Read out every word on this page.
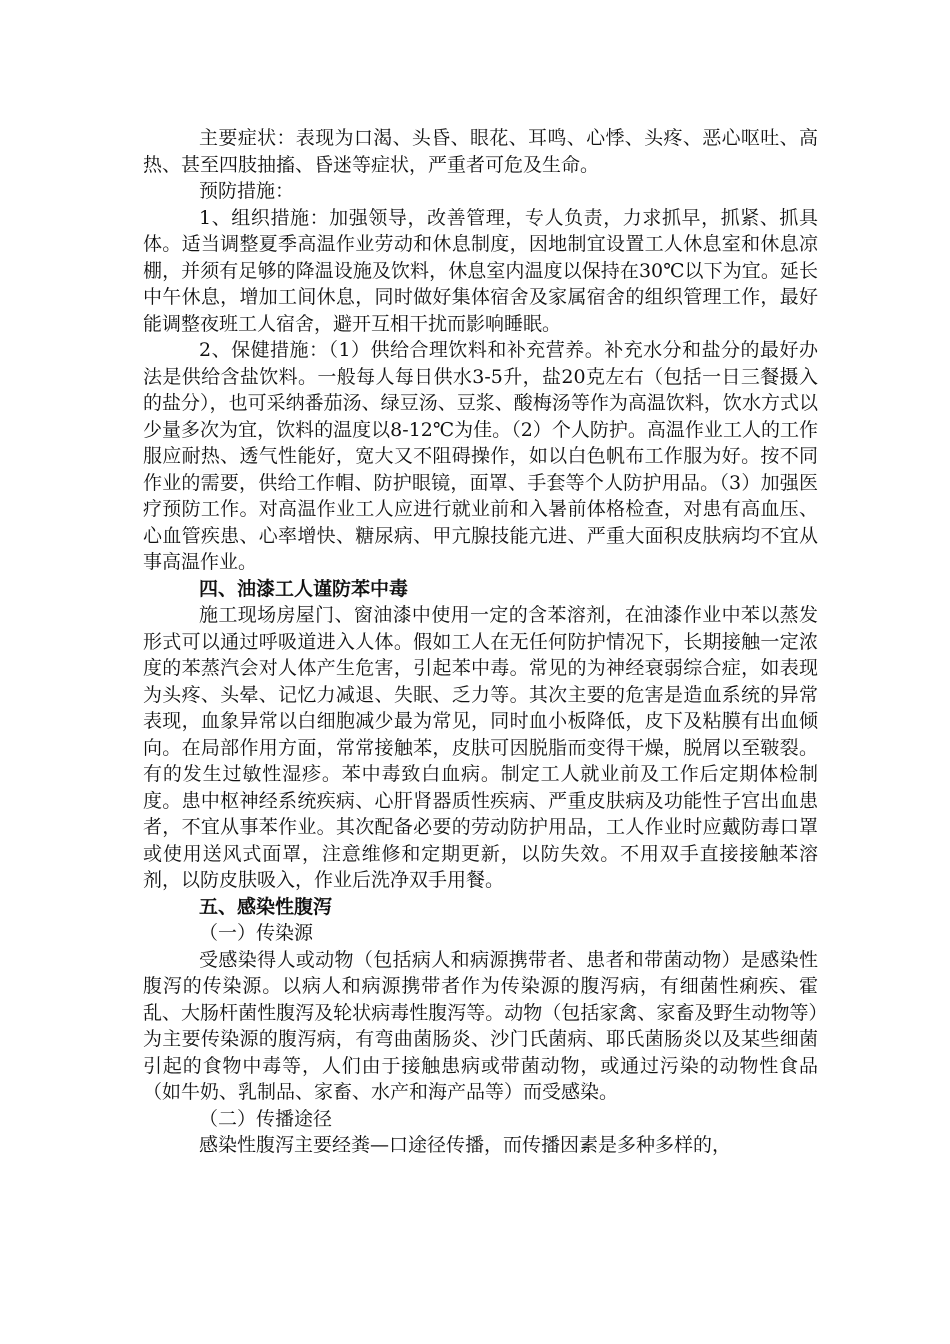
主要症状：表现为口渴、头昏、眼花、耳鸣、心悸、头疼、恶心呕吐、高热、甚至四肢抽搐、昏迷等症状，严重者可危及生命。

预防措施：

1、组织措施：加强领导，改善管理，专人负责，力求抓早，抓紧、抓具体。适当调整夏季高温作业劳动和休息制度，因地制宜设置工人休息室和休息凉棚，并须有足够的降温设施及饮料，休息室内温度以保持在30℃以下为宜。延长中午休息，增加工间休息，同时做好集体宿舍及家属宿舍的组织管理工作，最好能调整夜班工人宿舍，避开互相干扰而影响睡眠。

2、保健措施：（1）供给合理饮料和补充营养。补充水分和盐分的最好办法是供给含盐饮料。一般每人每日供水3-5升，盐20克左右（包括一日三餐摄入的盐分），也可采纳番茄汤、绿豆汤、豆浆、酸梅汤等作为高温饮料，饮水方式以少量多次为宜，饮料的温度以8-12℃为佳。（2）个人防护。高温作业工人的工作服应耐热、透气性能好，宽大又不阻碍操作，如以白色帆布工作服为好。按不同作业的需要，供给工作帽、防护眼镜，面罩、手套等个人防护用品。（3）加强医疗预防工作。对高温作业工人应进行就业前和入暑前体格检查，对患有高血压、心血管疾患、心率增快、糖尿病、甲亢腺技能亢进、严重大面积皮肤病均不宜从事高温作业。

四、油漆工人谨防苯中毒

施工现场房屋门、窗油漆中使用一定的含苯溶剂，在油漆作业中苯以蒸发形式可以通过呼吸道进入人体。假如工人在无任何防护情况下，长期接触一定浓度的苯蒸汽会对人体产生危害，引起苯中毒。常见的为神经衰弱综合症，如表现为头疼、头晕、记忆力减退、失眠、乏力等。其次主要的危害是造血系统的异常表现，血象异常以白细胞减少最为常见，同时血小板降低，皮下及粘膜有出血倾向。在局部作用方面，常常接触苯，皮肤可因脱脂而变得干燥，脱屑以至皲裂。有的发生过敏性湿疹。苯中毒致白血病。制定工人就业前及工作后定期体检制度。患中枢神经系统疾病、心肝肾器质性疾病、严重皮肤病及功能性子宫出血患者，不宜从事苯作业。其次配备必要的劳动防护用品，工人作业时应戴防毒口罩或使用送风式面罩，注意维修和定期更新，以防失效。不用双手直接接触苯溶剂，以防皮肤吸入，作业后洗净双手用餐。

五、感染性腹泻

（一）传染源

受感染得人或动物（包括病人和病源携带者、患者和带菌动物）是感染性腹泻的传染源。以病人和病源携带者作为传染源的腹泻病，有细菌性痢疾、霍乱、大肠杆菌性腹泻及轮状病毒性腹泻等。动物（包括家禽、家畜及野生动物等）为主要传染源的腹泻病，有弯曲菌肠炎、沙门氏菌病、耶氏菌肠炎以及某些细菌引起的食物中毒等，人们由于接触患病或带菌动物，或通过污染的动物性食品（如牛奶、乳制品、家畜、水产和海产品等）而受感染。

（二）传播途径

感染性腹泻主要经粪—口途径传播，而传播因素是多种多样的，
